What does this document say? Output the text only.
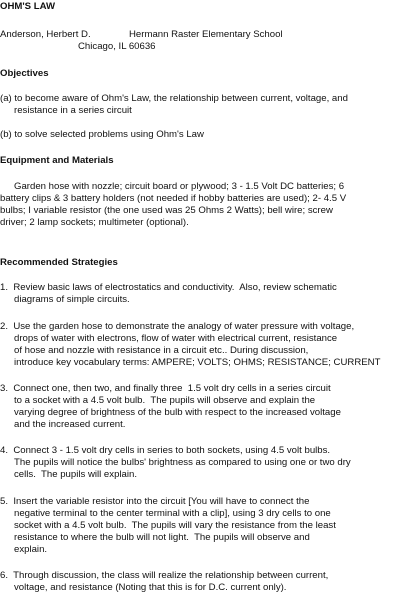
OHM'S LAW
Anderson, Herbert D.	Hermann Raster Elementary School
Chicago, IL 60636
Objectives
(a) to become aware of Ohm's Law, the relationship between current, voltage, and
resistance in a series circuit
(b) to solve selected problems using Ohm's Law
Equipment and Materials
Garden hose with nozzle; circuit board or plywood; 3 - 1.5 Volt DC batteries; 6
battery clips & 3 battery holders (not needed if hobby batteries are used); 2- 4.5 V
bulbs; I variable resistor (the one used was 25 Ohms 2 Watts); bell wire; screw
driver; 2 lamp sockets; multimeter (optional).
Recommended Strategies
1.  Review basic laws of electrostatics and conductivity.  Also, review schematic
diagrams of simple circuits.
2.  Use the garden hose to demonstrate the analogy of water pressure with voltage,
drops of water with electrons, flow of water with electrical current, resistance
of hose and nozzle with resistance in a circuit etc.. During discussion,
introduce key vocabulary terms: AMPERE; VOLTS; OHMS; RESISTANCE; CURRENT
3.  Connect one, then two, and finally three  1.5 volt dry cells in a series circuit
to a socket with a 4.5 volt bulb.  The pupils will observe and explain the
varying degree of brightness of the bulb with respect to the increased voltage
and the increased current.
4.  Connect 3 - 1.5 volt dry cells in series to both sockets, using 4.5 volt bulbs.
The pupils will notice the bulbs' brightness as compared to using one or two dry
cells.  The pupils will explain.
5.  Insert the variable resistor into the circuit [You will have to connect the
negative terminal to the center terminal with a clip], using 3 dry cells to one
socket with a 4.5 volt bulb.  The pupils will vary the resistance from the least
resistance to where the bulb will not light.  The pupils will observe and
explain.
6.  Through discussion, the class will realize the relationship between current,
voltage, and resistance (Noting that this is for D.C. current only).
